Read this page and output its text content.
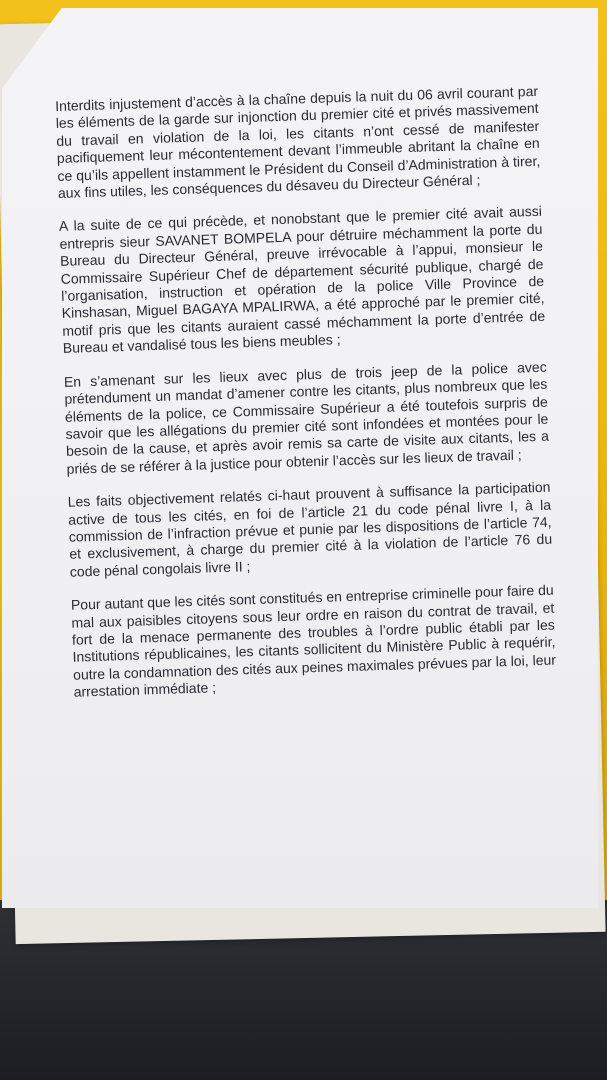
Interdits injustement d’accès à la chaîne depuis la nuit du 06 avril courant par les éléments de la garde sur injonction du premier cité et privés massivement du travail en violation de la loi, les citants n’ont cessé de manifester pacifiquement leur mécontentement devant l’immeuble abritant la chaîne en ce qu’ils appellent instamment le Président du Conseil d’Administration à tirer, aux fins utiles, les conséquences du désaveu du Directeur Général ;

A la suite de ce qui précède, et nonobstant que le premier cité avait aussi entrepris sieur SAVANET BOMPELA pour détruire méchamment la porte du Bureau du Directeur Général, preuve irrévocable à l’appui, monsieur le Commissaire Supérieur Chef de département sécurité publique, chargé de l’organisation, instruction et opération de la police Ville Province de Kinshasan, Miguel BAGAYA MPALIRWA, a été approché par le premier cité, motif pris que les citants auraient cassé méchamment la porte d’entrée de Bureau et vandalisé tous les biens meubles ;

En s’amenant sur les lieux avec plus de trois jeep de la police avec prétendument un mandat d’amener contre les citants, plus nombreux que les éléments de la police, ce Commissaire Supérieur a été toutefois surpris de savoir que les allégations du premier cité sont infondées et montées pour le besoin de la cause, et après avoir remis sa carte de visite aux citants, les a priés de se référer à la justice pour obtenir l’accès sur les lieux de travail ;

Les faits objectivement relatés ci-haut prouvent à suffisance la participation active de tous les cités, en foi de l’article 21 du code pénal livre I, à la commission de l’infraction prévue et punie par les dispositions de l’article 74, et exclusivement, à charge du premier cité à la violation de l’article 76 du code pénal congolais livre II ;

Pour autant que les cités sont constitués en entreprise criminelle pour faire du mal aux paisibles citoyens sous leur ordre en raison du contrat de travail, et fort de la menace permanente des troubles à l’ordre public établi par les Institutions républicaines, les citants sollicitent du Ministère Public à requérir, outre la condamnation des cités aux peines maximales prévues par la loi, leur arrestation immédiate ;
